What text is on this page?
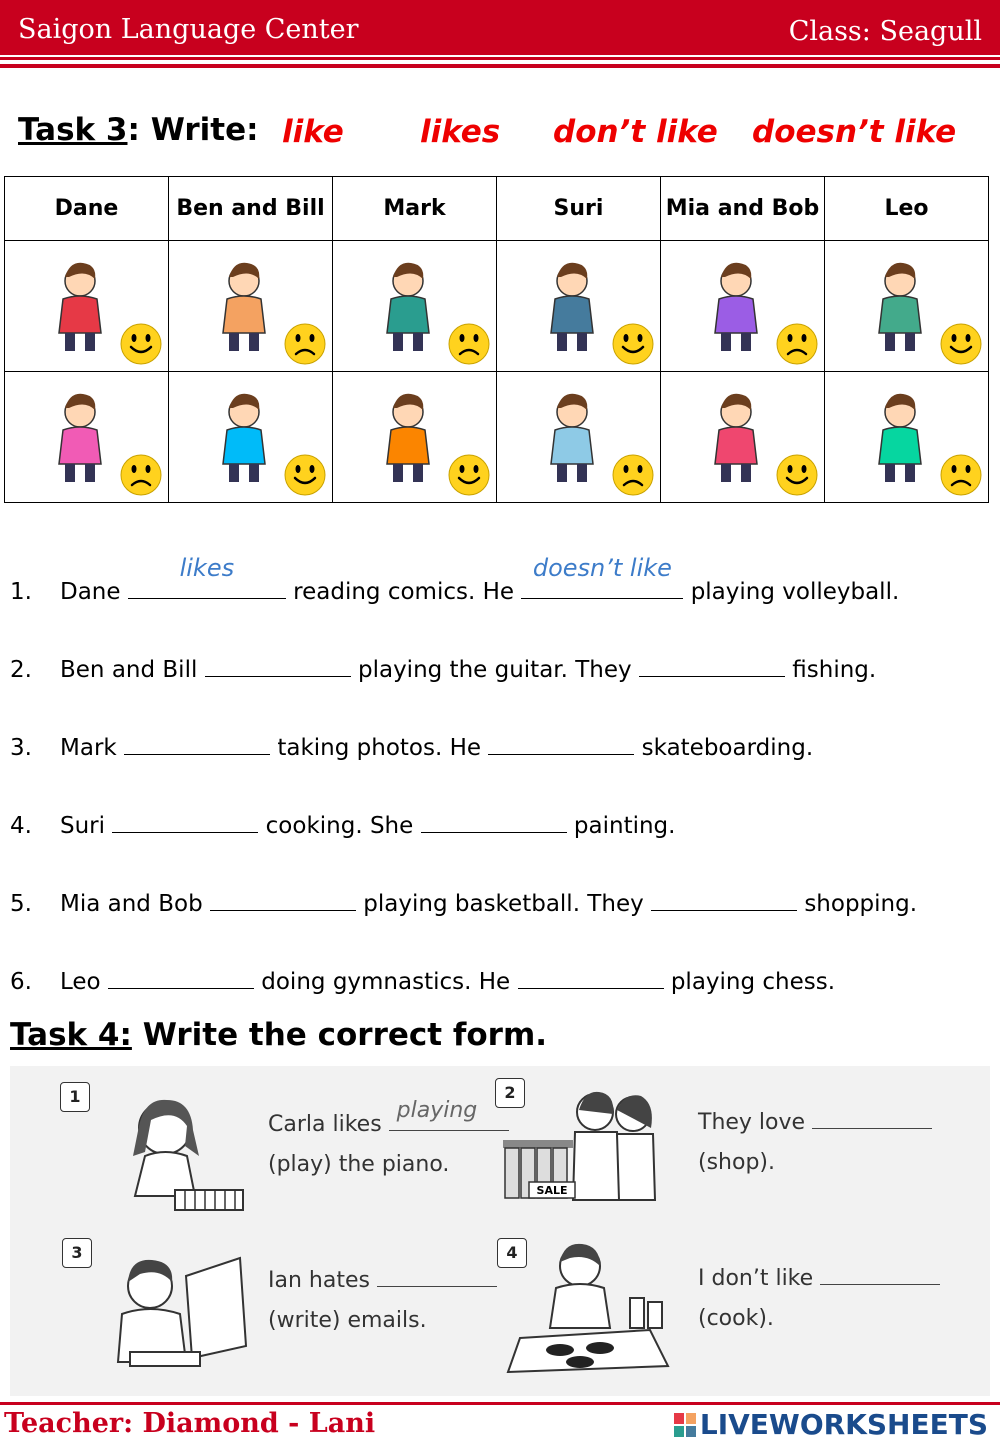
Saigon Language Center	Class: Seagull
Task 3: Write: like likes don’t like doesn’t like
Dane	Ben and Bill	Mark	Suri	Mia and Bob	Leo

1. Dane
likes
reading comics. He
doesn’t like
playing volleyball.
2. Ben and Bill	playing the guitar. They	fishing.
3. Mark	taking photos. He	skateboarding.
4. Suri	cooking. She	painting.
5. Mia and Bob	playing basketball. They	shopping.
6. Leo	doing gymnastics. He	playing chess.
Task 4: Write the correct form.
1
Carla likes
playing
(play) the piano.
2
SALE
They love
(shop).
3
Ian hates
(write) emails.
4
I don’t like
(cook).
Teacher: Diamond - Lani	LIVEWORKSHEETS
